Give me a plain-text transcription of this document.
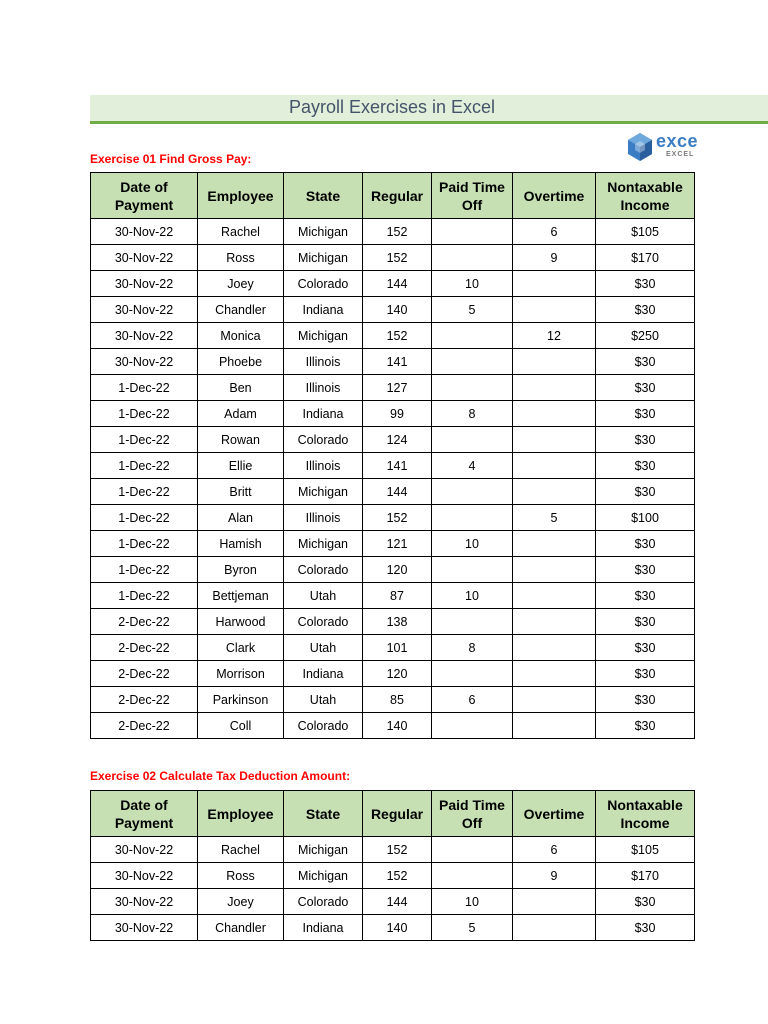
Payroll Exercises in Excel
exce
EXCEL
Exercise 01 Find Gross Pay:
Date of Payment	Employee	State	Regular	Paid Time Off	Overtime	Nontaxable Income
30-Nov-22	Rachel	Michigan	152		6	$105
30-Nov-22	Ross	Michigan	152		9	$170
30-Nov-22	Joey	Colorado	144	10		$30
30-Nov-22	Chandler	Indiana	140	5		$30
30-Nov-22	Monica	Michigan	152		12	$250
30-Nov-22	Phoebe	Illinois	141			$30
1-Dec-22	Ben	Illinois	127			$30
1-Dec-22	Adam	Indiana	99	8		$30
1-Dec-22	Rowan	Colorado	124			$30
1-Dec-22	Ellie	Illinois	141	4		$30
1-Dec-22	Britt	Michigan	144			$30
1-Dec-22	Alan	Illinois	152		5	$100
1-Dec-22	Hamish	Michigan	121	10		$30
1-Dec-22	Byron	Colorado	120			$30
1-Dec-22	Bettjeman	Utah	87	10		$30
2-Dec-22	Harwood	Colorado	138			$30
2-Dec-22	Clark	Utah	101	8		$30
2-Dec-22	Morrison	Indiana	120			$30
2-Dec-22	Parkinson	Utah	85	6		$30
2-Dec-22	Coll	Colorado	140			$30
Exercise 02 Calculate Tax Deduction Amount:
Date of Payment	Employee	State	Regular	Paid Time Off	Overtime	Nontaxable Income
30-Nov-22	Rachel	Michigan	152		6	$105
30-Nov-22	Ross	Michigan	152		9	$170
30-Nov-22	Joey	Colorado	144	10		$30
30-Nov-22	Chandler	Indiana	140	5		$30
